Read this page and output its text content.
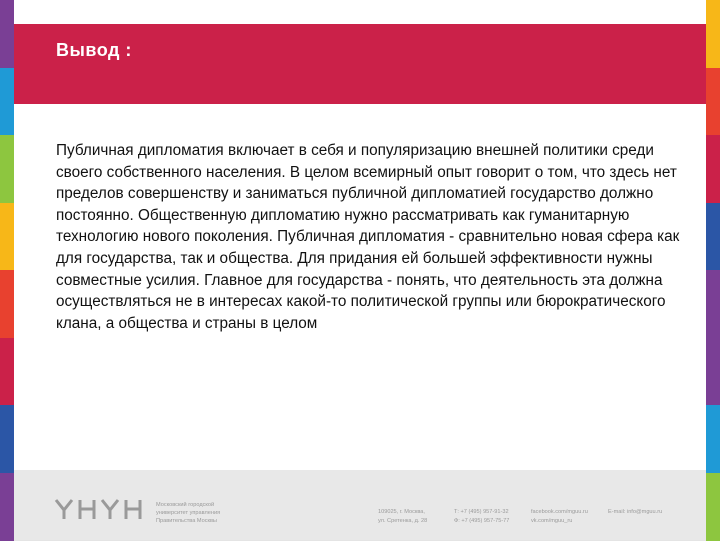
Вывод :

Публичная дипломатия включает в себя и популяризацию внешней политики среди своего собственного населения. В целом всемирный опыт говорит о том, что здесь нет пределов совершенству и заниматься публичной дипломатией государство должно постоянно. Общественную дипломатию нужно рассматривать как гуманитарную технологию нового поколения. Публичная дипломатия - сравнительно новая сфера как для государства, так и общества. Для придания ей большей эффективности нужны совместные усилия. Главное для государства - понять, что деятельность эта должна осуществляться не в интересах какой-то политической группы или бюрократического клана, а общества и страны в целом

Московский городской
университет управления
Правительства Москвы
109025, г. Москва,
ул. Сретенка, д. 28
Т: +7 (495) 957-91-32
Ф: +7 (495) 957-75-77
facebook.com/mguu.ru
vk.com/mguu_ru
E-mail: info@mguu.ru
